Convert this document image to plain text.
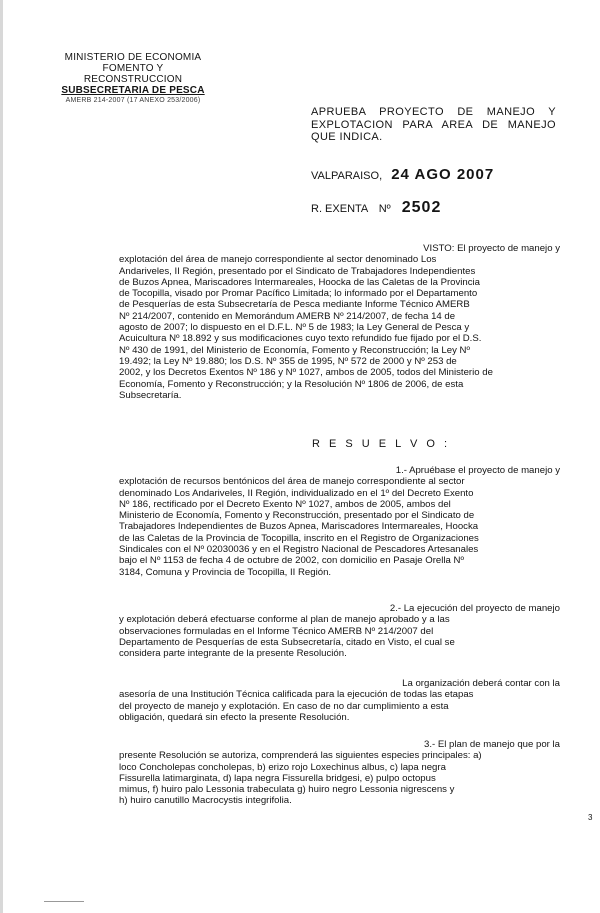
MINISTERIO DE ECONOMIA
FOMENTO Y RECONSTRUCCION
SUBSECRETARIA DE PESCA
AMERB 214-2007 (17 ANEXO 253/2006)
APRUEBA PROYECTO DE MANEJO Y EXPLOTACION PARA AREA DE MANEJO QUE INDICA.
VALPARAISO, 24 AGO 2007
R. EXENTA Nº 2502
VISTO: El proyecto de manejo y
explotación del área de manejo correspondiente al sector denominado Los
Andariveles, II Región, presentado por el Sindicato de Trabajadores Independientes
de Buzos Apnea, Mariscadores Intermareales, Hoocka de las Caletas de la Provincia
de Tocopilla, visado por Promar Pacífico Limitada; lo informado por el Departamento
de Pesquerías de esta Subsecretaría de Pesca mediante Informe Técnico AMERB
Nº 214/2007, contenido en Memorándum AMERB Nº 214/2007, de fecha 14 de
agosto de 2007; lo dispuesto en el D.F.L. Nº 5 de 1983; la Ley General de Pesca y
Acuicultura Nº 18.892 y sus modificaciones cuyo texto refundido fue fijado por el D.S.
Nº 430 de 1991, del Ministerio de Economía, Fomento y Reconstrucción; la Ley Nº
19.492; la Ley Nº 19.880; los D.S. Nº 355 de 1995, Nº 572 de 2000 y Nº 253 de
2002, y los Decretos Exentos Nº 186 y Nº 1027, ambos de 2005, todos del Ministerio de
Economía, Fomento y Reconstrucción; y la Resolución Nº 1806 de 2006, de esta
Subsecretaría.
R E S U E L V O :
1.- Apruébase el proyecto de manejo y
explotación de recursos bentónicos del área de manejo correspondiente al sector
denominado Los Andariveles, II Región, individualizado en el 1º del Decreto Exento
Nº 186, rectificado por el Decreto Exento Nº 1027, ambos de 2005, ambos del
Ministerio de Economía, Fomento y Reconstrucción, presentado por el Sindicato de
Trabajadores Independientes de Buzos Apnea, Mariscadores Intermareales, Hoocka
de las Caletas de la Provincia de Tocopilla, inscrito en el Registro de Organizaciones
Sindicales con el Nº 02030036 y en el Registro Nacional de Pescadores Artesanales
bajo el Nº 1153 de fecha 4 de octubre de 2002, con domicilio en Pasaje Orella Nº
3184, Comuna y Provincia de Tocopilla, II Región.
2.- La ejecución del proyecto de manejo
y explotación deberá efectuarse conforme al plan de manejo aprobado y a las
observaciones formuladas en el Informe Técnico AMERB Nº 214/2007 del
Departamento de Pesquerías de esta Subsecretaría, citado en Visto, el cual se
considera parte integrante de la presente Resolución.
La organización deberá contar con la
asesoría de una Institución Técnica calificada para la ejecución de todas las etapas
del proyecto de manejo y explotación. En caso de no dar cumplimiento a esta
obligación, quedará sin efecto la presente Resolución.
3.- El plan de manejo que por la
presente Resolución se autoriza, comprenderá las siguientes especies principales: a)
loco Concholepas concholepas, b) erizo rojo Loxechinus albus, c) lapa negra
Fissurella latimarginata, d) lapa negra Fissurella bridgesi, e) pulpo octopus
mimus, f) huiro palo Lessonia trabeculata g) huiro negro Lessonia nigrescens y
h) huiro canutillo Macrocystis integrifolia.
3
